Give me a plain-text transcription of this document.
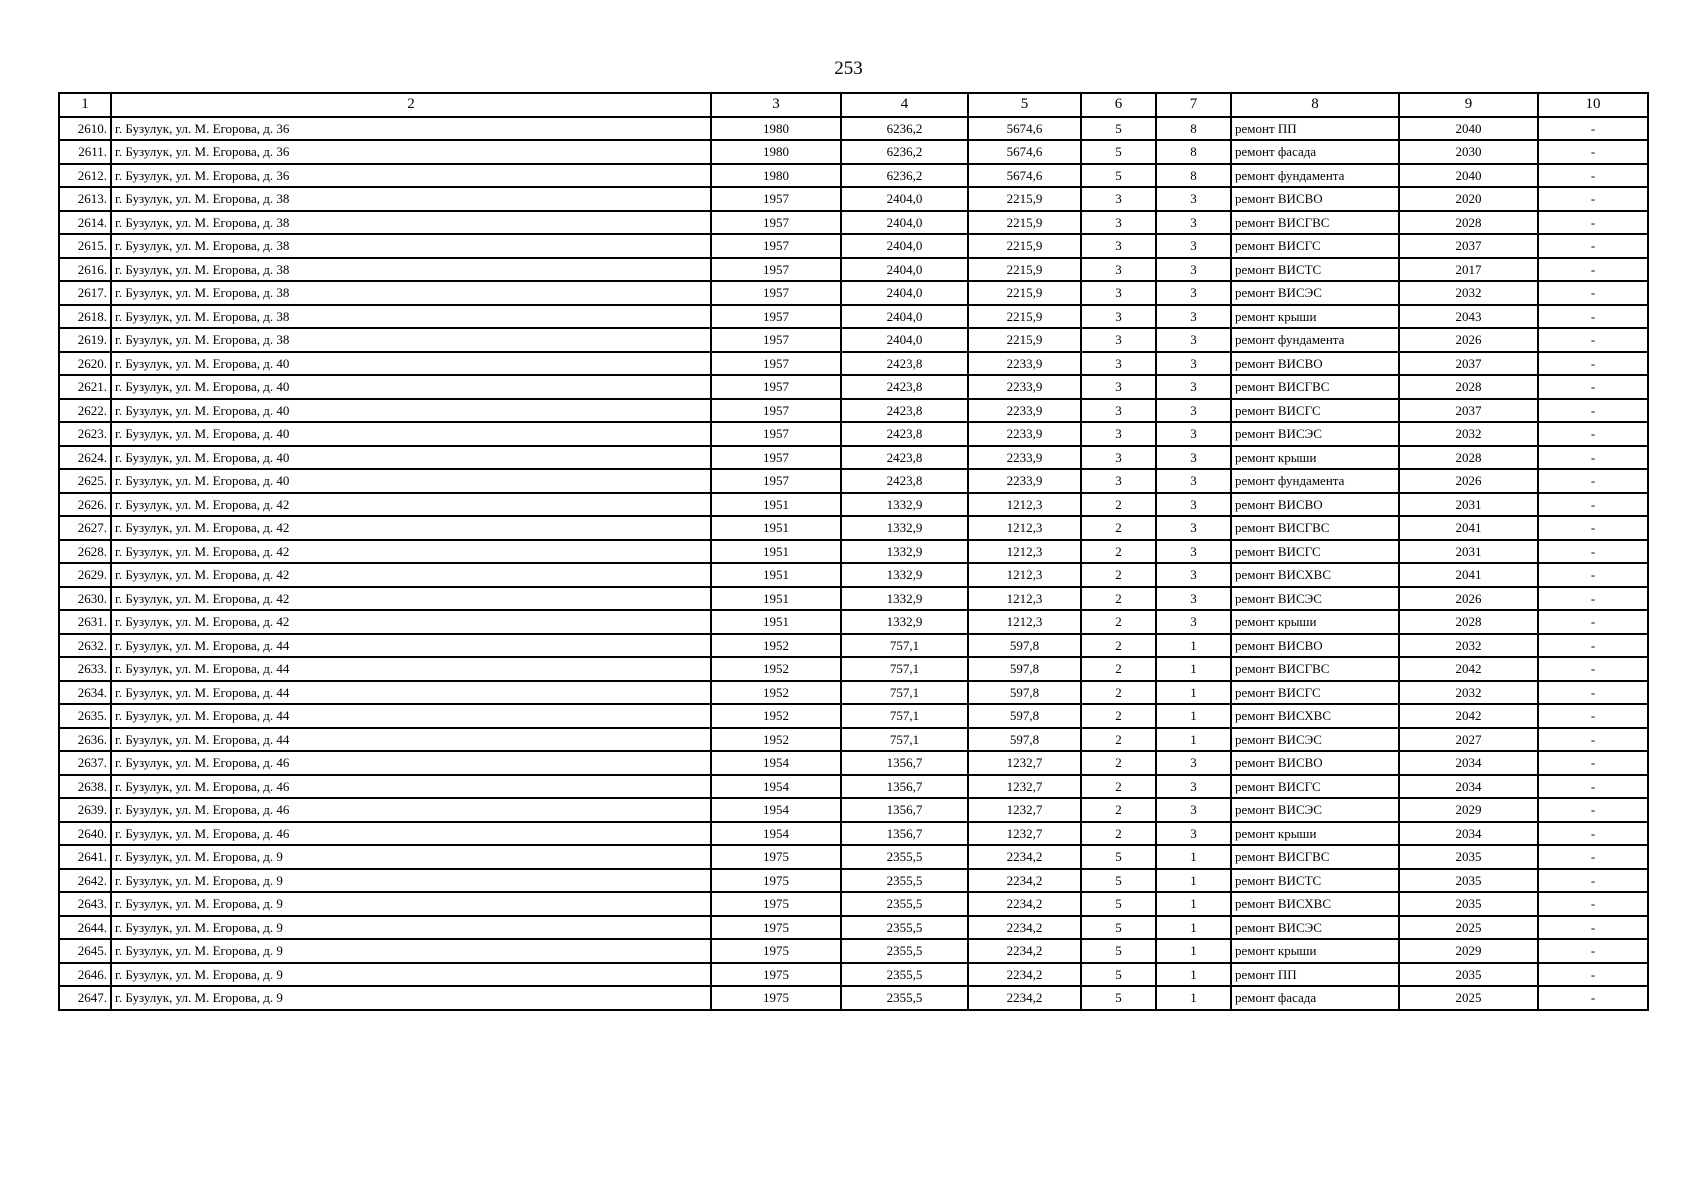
253
1	2	3	4	5	6	7	8	9	10
2610.	г. Бузулук, ул. М. Егорова, д. 36	1980	6236,2	5674,6	5	8	ремонт ПП	2040	-
2611.	г. Бузулук, ул. М. Егорова, д. 36	1980	6236,2	5674,6	5	8	ремонт фасада	2030	-
2612.	г. Бузулук, ул. М. Егорова, д. 36	1980	6236,2	5674,6	5	8	ремонт фундамента	2040	-
2613.	г. Бузулук, ул. М. Егорова, д. 38	1957	2404,0	2215,9	3	3	ремонт ВИСВО	2020	-
2614.	г. Бузулук, ул. М. Егорова, д. 38	1957	2404,0	2215,9	3	3	ремонт ВИСГВС	2028	-
2615.	г. Бузулук, ул. М. Егорова, д. 38	1957	2404,0	2215,9	3	3	ремонт ВИСГС	2037	-
2616.	г. Бузулук, ул. М. Егорова, д. 38	1957	2404,0	2215,9	3	3	ремонт ВИСТС	2017	-
2617.	г. Бузулук, ул. М. Егорова, д. 38	1957	2404,0	2215,9	3	3	ремонт ВИСЭС	2032	-
2618.	г. Бузулук, ул. М. Егорова, д. 38	1957	2404,0	2215,9	3	3	ремонт крыши	2043	-
2619.	г. Бузулук, ул. М. Егорова, д. 38	1957	2404,0	2215,9	3	3	ремонт фундамента	2026	-
2620.	г. Бузулук, ул. М. Егорова, д. 40	1957	2423,8	2233,9	3	3	ремонт ВИСВО	2037	-
2621.	г. Бузулук, ул. М. Егорова, д. 40	1957	2423,8	2233,9	3	3	ремонт ВИСГВС	2028	-
2622.	г. Бузулук, ул. М. Егорова, д. 40	1957	2423,8	2233,9	3	3	ремонт ВИСГС	2037	-
2623.	г. Бузулук, ул. М. Егорова, д. 40	1957	2423,8	2233,9	3	3	ремонт ВИСЭС	2032	-
2624.	г. Бузулук, ул. М. Егорова, д. 40	1957	2423,8	2233,9	3	3	ремонт крыши	2028	-
2625.	г. Бузулук, ул. М. Егорова, д. 40	1957	2423,8	2233,9	3	3	ремонт фундамента	2026	-
2626.	г. Бузулук, ул. М. Егорова, д. 42	1951	1332,9	1212,3	2	3	ремонт ВИСВО	2031	-
2627.	г. Бузулук, ул. М. Егорова, д. 42	1951	1332,9	1212,3	2	3	ремонт ВИСГВС	2041	-
2628.	г. Бузулук, ул. М. Егорова, д. 42	1951	1332,9	1212,3	2	3	ремонт ВИСГС	2031	-
2629.	г. Бузулук, ул. М. Егорова, д. 42	1951	1332,9	1212,3	2	3	ремонт ВИСХВС	2041	-
2630.	г. Бузулук, ул. М. Егорова, д. 42	1951	1332,9	1212,3	2	3	ремонт ВИСЭС	2026	-
2631.	г. Бузулук, ул. М. Егорова, д. 42	1951	1332,9	1212,3	2	3	ремонт крыши	2028	-
2632.	г. Бузулук, ул. М. Егорова, д. 44	1952	757,1	597,8	2	1	ремонт ВИСВО	2032	-
2633.	г. Бузулук, ул. М. Егорова, д. 44	1952	757,1	597,8	2	1	ремонт ВИСГВС	2042	-
2634.	г. Бузулук, ул. М. Егорова, д. 44	1952	757,1	597,8	2	1	ремонт ВИСГС	2032	-
2635.	г. Бузулук, ул. М. Егорова, д. 44	1952	757,1	597,8	2	1	ремонт ВИСХВС	2042	-
2636.	г. Бузулук, ул. М. Егорова, д. 44	1952	757,1	597,8	2	1	ремонт ВИСЭС	2027	-
2637.	г. Бузулук, ул. М. Егорова, д. 46	1954	1356,7	1232,7	2	3	ремонт ВИСВО	2034	-
2638.	г. Бузулук, ул. М. Егорова, д. 46	1954	1356,7	1232,7	2	3	ремонт ВИСГС	2034	-
2639.	г. Бузулук, ул. М. Егорова, д. 46	1954	1356,7	1232,7	2	3	ремонт ВИСЭС	2029	-
2640.	г. Бузулук, ул. М. Егорова, д. 46	1954	1356,7	1232,7	2	3	ремонт крыши	2034	-
2641.	г. Бузулук, ул. М. Егорова, д. 9	1975	2355,5	2234,2	5	1	ремонт ВИСГВС	2035	-
2642.	г. Бузулук, ул. М. Егорова, д. 9	1975	2355,5	2234,2	5	1	ремонт ВИСТС	2035	-
2643.	г. Бузулук, ул. М. Егорова, д. 9	1975	2355,5	2234,2	5	1	ремонт ВИСХВС	2035	-
2644.	г. Бузулук, ул. М. Егорова, д. 9	1975	2355,5	2234,2	5	1	ремонт ВИСЭС	2025	-
2645.	г. Бузулук, ул. М. Егорова, д. 9	1975	2355,5	2234,2	5	1	ремонт крыши	2029	-
2646.	г. Бузулук, ул. М. Егорова, д. 9	1975	2355,5	2234,2	5	1	ремонт ПП	2035	-
2647.	г. Бузулук, ул. М. Егорова, д. 9	1975	2355,5	2234,2	5	1	ремонт фасада	2025	-
